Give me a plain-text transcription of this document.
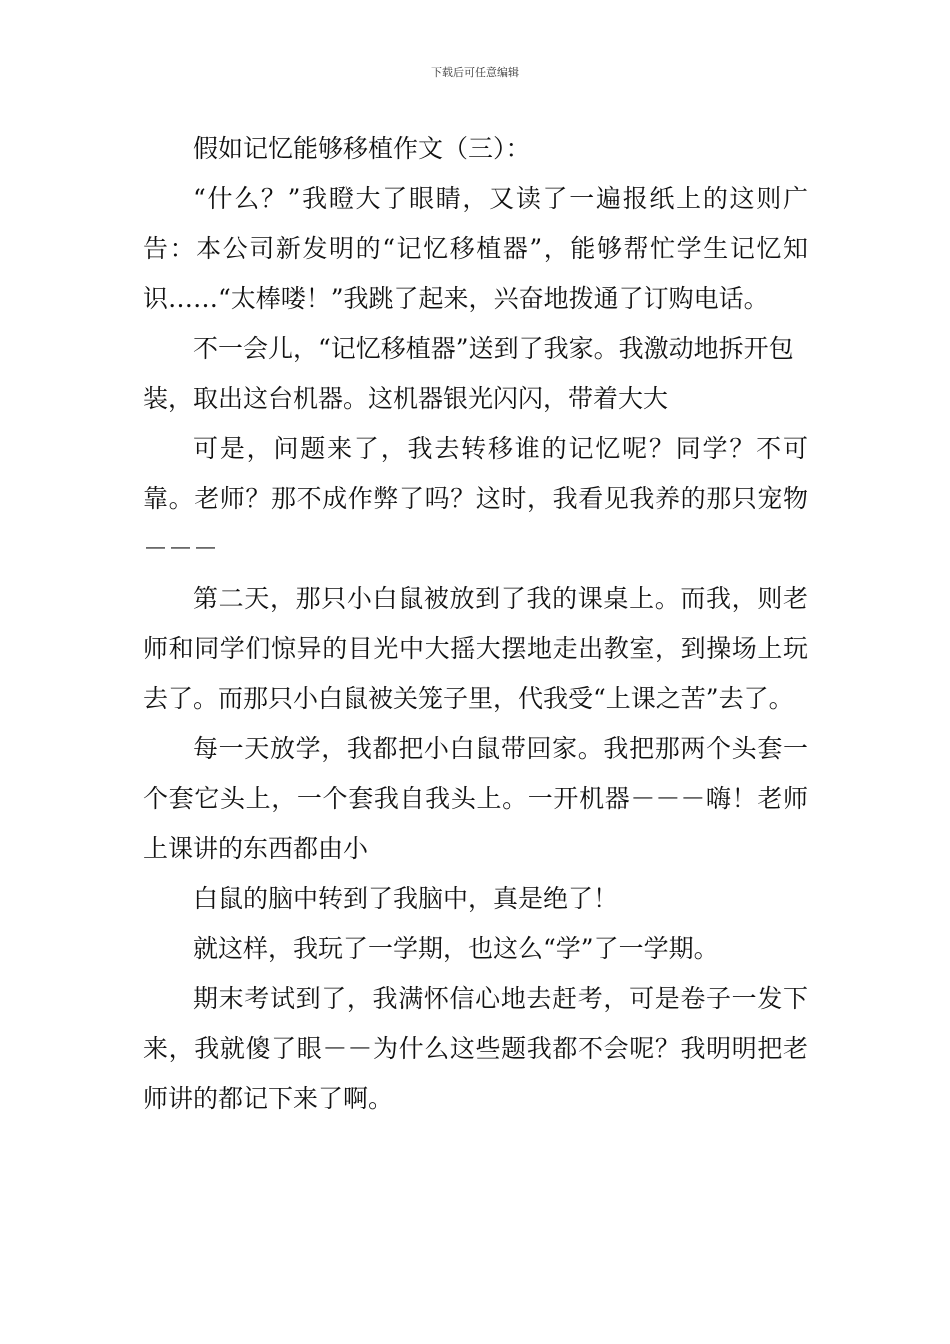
下载后可任意编辑

假如记忆能够移植作文（三）：

“什么？”我瞪大了眼睛，又读了一遍报纸上的这则广告：本公司新发明的“记忆移植器”，能够帮忙学生记忆知识……“太棒喽！”我跳了起来，兴奋地拨通了订购电话。

不一会儿，“记忆移植器”送到了我家。我激动地拆开包装，取出这台机器。这机器银光闪闪，带着大大

可是，问题来了，我去转移谁的记忆呢？同学？不可靠。老师？那不成作弊了吗？这时，我看见我养的那只宠物－－－

第二天，那只小白鼠被放到了我的课桌上。而我，则老师和同学们惊异的目光中大摇大摆地走出教室，到操场上玩去了。而那只小白鼠被关笼子里，代我受“上课之苦”去了。

每一天放学，我都把小白鼠带回家。我把那两个头套一个套它头上，一个套我自我头上。一开机器－－－嗨！老师上课讲的东西都由小

白鼠的脑中转到了我脑中，真是绝了！

就这样，我玩了一学期，也这么“学”了一学期。

期末考试到了，我满怀信心地去赶考，可是卷子一发下来，我就傻了眼－－为什么这些题我都不会呢？我明明把老师讲的都记下来了啊。
